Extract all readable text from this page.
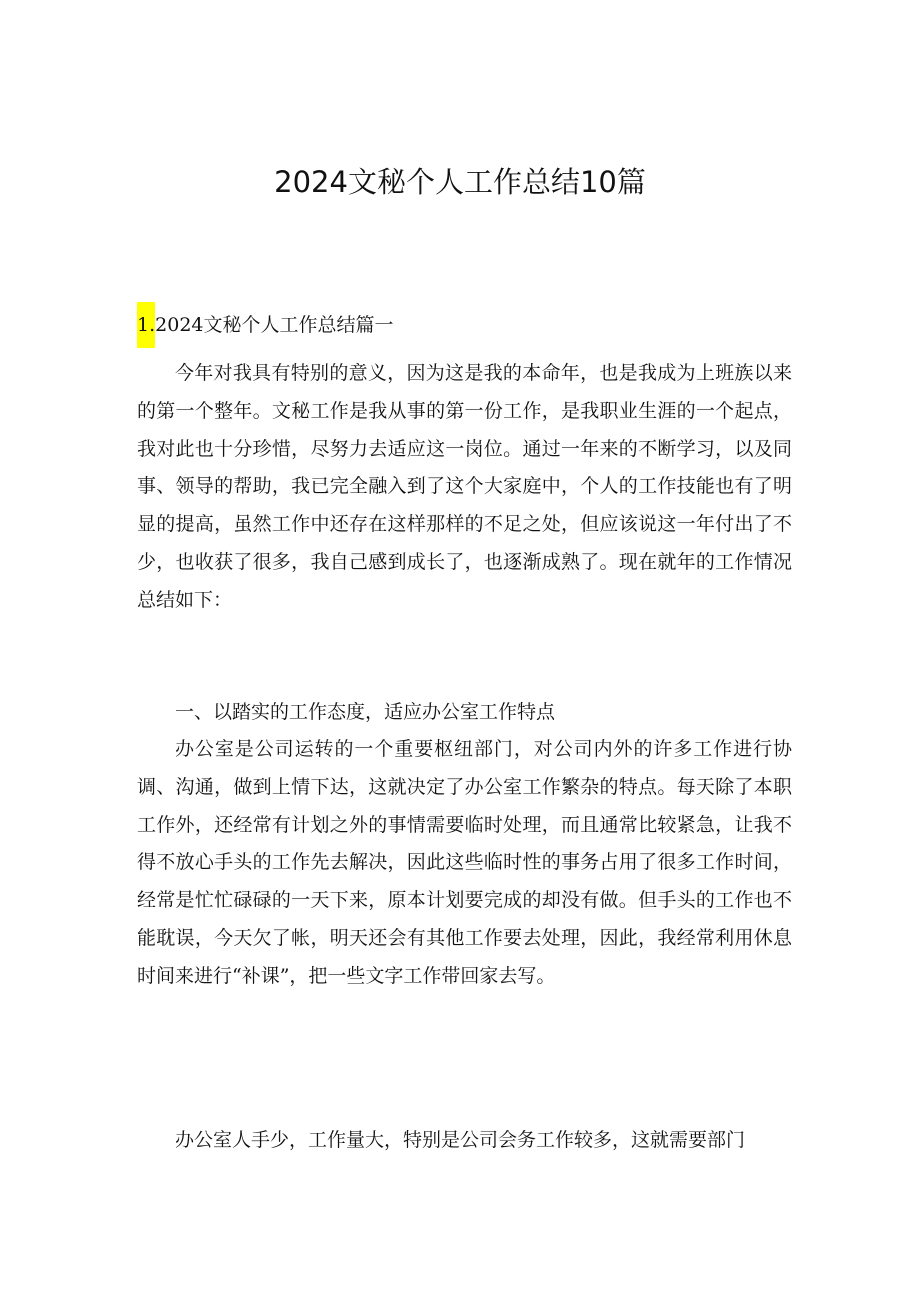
2024文秘个人工作总结10篇
1.2024文秘个人工作总结篇一

今年对我具有特别的意义，因为这是我的本命年，也是我成为上班族以来的第一个整年。文秘工作是我从事的第一份工作，是我职业生涯的一个起点，我对此也十分珍惜，尽努力去适应这一岗位。通过一年来的不断学习，以及同事、领导的帮助，我已完全融入到了这个大家庭中，个人的工作技能也有了明显的提高，虽然工作中还存在这样那样的不足之处，但应该说这一年付出了不少，也收获了很多，我自己感到成长了，也逐渐成熟了。现在就年的工作情况总结如下：

一、以踏实的工作态度，适应办公室工作特点

办公室是公司运转的一个重要枢纽部门，对公司内外的许多工作进行协调、沟通，做到上情下达，这就决定了办公室工作繁杂的特点。每天除了本职工作外，还经常有计划之外的事情需要临时处理，而且通常比较紧急，让我不得不放心手头的工作先去解决，因此这些临时性的事务占用了很多工作时间，经常是忙忙碌碌的一天下来，原本计划要完成的却没有做。但手头的工作也不能耽误，今天欠了帐，明天还会有其他工作要去处理，因此，我经常利用休息时间来进行“补课”，把一些文字工作带回家去写。

办公室人手少，工作量大，特别是公司会务工作较多，这就需要部门
